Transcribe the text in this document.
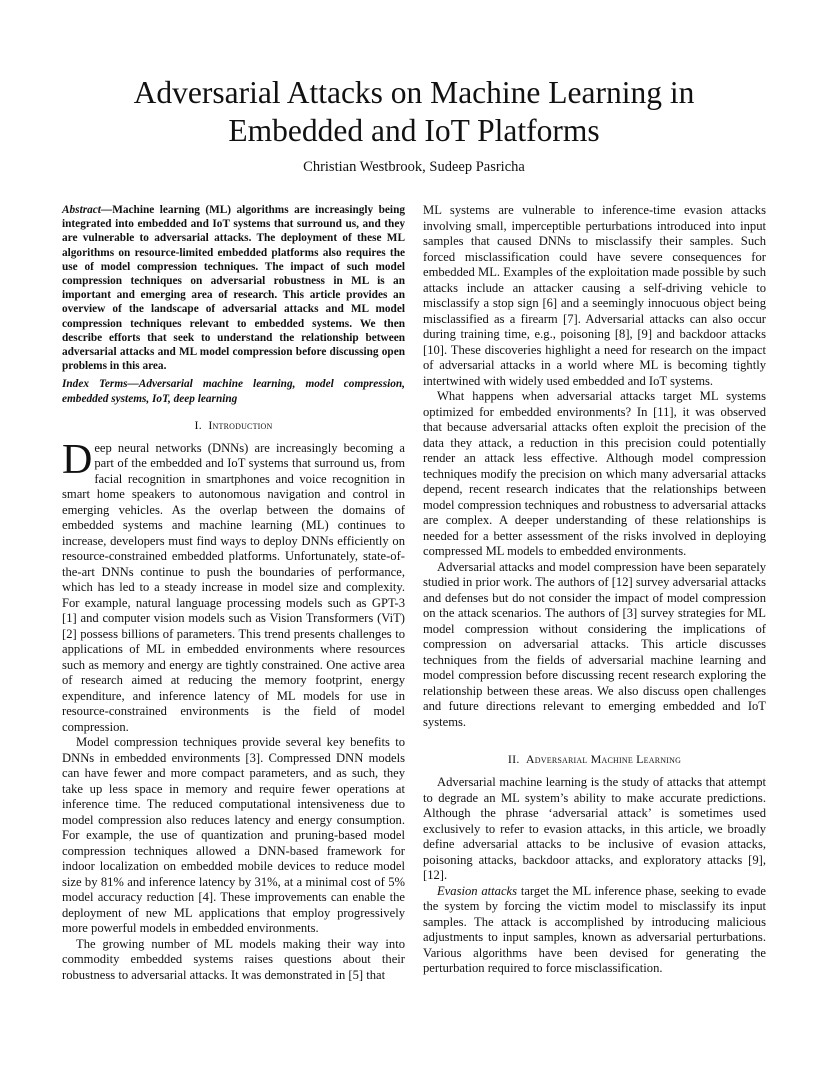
Adversarial Attacks on Machine Learning in
Embedded and IoT Platforms
Christian Westbrook, Sudeep Pasricha

Abstract—Machine learning (ML) algorithms are increasingly being integrated into embedded and IoT systems that surround us, and they are vulnerable to adversarial attacks. The deployment of these ML algorithms on resource-limited embedded platforms also requires the use of model compression techniques. The impact of such model compression techniques on adversarial robustness in ML is an important and emerging area of research. This article provides an overview of the landscape of adversarial attacks and ML model compression techniques relevant to embedded systems. We then describe efforts that seek to understand the relationship between adversarial attacks and ML model compression before discussing open problems in this area.

Index Terms—Adversarial machine learning, model compression, embedded systems, IoT, deep learning

I. Introduction

Deep neural networks (DNNs) are increasingly becoming a part of the embedded and IoT systems that surround us, from facial recognition in smartphones and voice recognition in smart home speakers to autonomous navigation and control in emerging vehicles. As the overlap between the domains of embedded systems and machine learning (ML) continues to increase, developers must find ways to deploy DNNs efficiently on resource-constrained embedded platforms. Unfortunately, state-of-the-art DNNs continue to push the boundaries of performance, which has led to a steady increase in model size and complexity. For example, natural language processing models such as GPT-3 [1] and computer vision models such as Vision Transformers (ViT) [2] possess billions of parameters. This trend presents challenges to applications of ML in embedded environments where resources such as memory and energy are tightly constrained. One active area of research aimed at reducing the memory footprint, energy expenditure, and inference latency of ML models for use in resource-constrained environments is the field of model compression.

Model compression techniques provide several key benefits to DNNs in embedded environments [3]. Compressed DNN models can have fewer and more compact parameters, and as such, they take up less space in memory and require fewer operations at inference time. The reduced computational intensiveness due to model compression also reduces latency and energy consumption. For example, the use of quantization and pruning-based model compression techniques allowed a DNN-based framework for indoor localization on embedded mobile devices to reduce model size by 81% and inference latency by 31%, at a minimal cost of 5% model accuracy reduction [4]. These improvements can enable the deployment of new ML applications that employ progressively more powerful models in embedded environments.

The growing number of ML models making their way into commodity embedded systems raises questions about their robustness to adversarial attacks. It was demonstrated in [5] that

ML systems are vulnerable to inference-time evasion attacks involving small, imperceptible perturbations introduced into input samples that caused DNNs to misclassify their samples. Such forced misclassification could have severe consequences for embedded ML. Examples of the exploitation made possible by such attacks include an attacker causing a self-driving vehicle to misclassify a stop sign [6] and a seemingly innocuous object being misclassified as a firearm [7]. Adversarial attacks can also occur during training time, e.g., poisoning [8], [9] and backdoor attacks [10]. These discoveries highlight a need for research on the impact of adversarial attacks in a world where ML is becoming tightly intertwined with widely used embedded and IoT systems.

What happens when adversarial attacks target ML systems optimized for embedded environments? In [11], it was observed that because adversarial attacks often exploit the precision of the data they attack, a reduction in this precision could potentially render an attack less effective. Although model compression techniques modify the precision on which many adversarial attacks depend, recent research indicates that the relationships between model compression techniques and robustness to adversarial attacks are complex. A deeper understanding of these relationships is needed for a better assessment of the risks involved in deploying compressed ML models to embedded environments.

Adversarial attacks and model compression have been separately studied in prior work. The authors of [12] survey adversarial attacks and defenses but do not consider the impact of model compression on the attack scenarios. The authors of [3] survey strategies for ML model compression without considering the implications of compression on adversarial attacks. This article discusses techniques from the fields of adversarial machine learning and model compression before discussing recent research exploring the relationship between these areas. We also discuss open challenges and future directions relevant to emerging embedded and IoT systems.

II. Adversarial Machine Learning

Adversarial machine learning is the study of attacks that attempt to degrade an ML system’s ability to make accurate predictions. Although the phrase ‘adversarial attack’ is sometimes used exclusively to refer to evasion attacks, in this article, we broadly define adversarial attacks to be inclusive of evasion attacks, poisoning attacks, backdoor attacks, and exploratory attacks [9], [12].

Evasion attacks target the ML inference phase, seeking to evade the system by forcing the victim model to misclassify its input samples. The attack is accomplished by introducing malicious adjustments to input samples, known as adversarial perturbations. Various algorithms have been devised for generating the perturbation required to force misclassification.
